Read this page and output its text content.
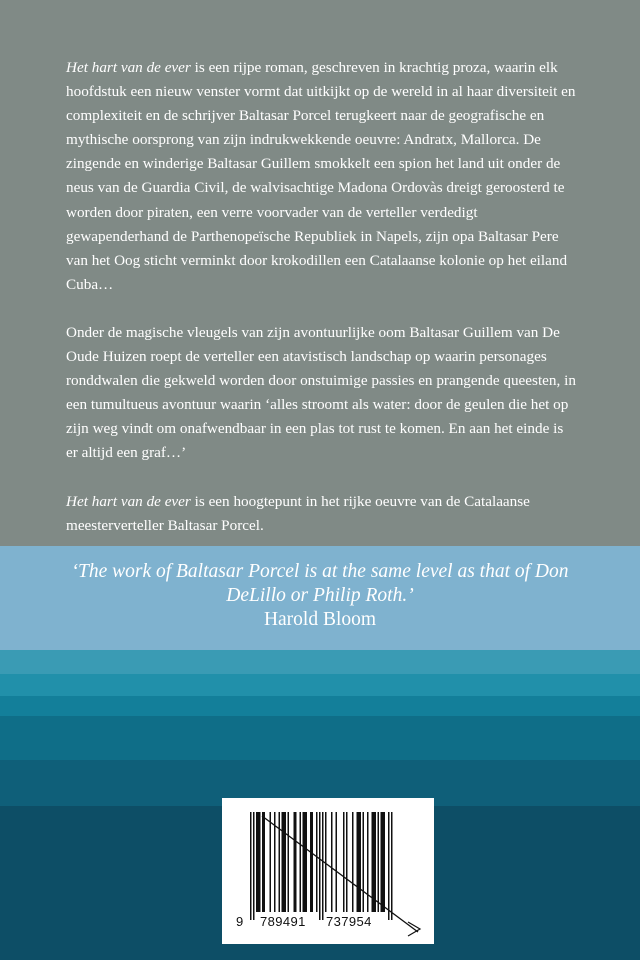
Het hart van de ever is een rijpe roman, geschreven in krachtig proza, waarin elk hoofdstuk een nieuw venster vormt dat uitkijkt op de wereld in al haar diversiteit en complexiteit en de schrijver Baltasar Porcel terugkeert naar de geografische en mythische oorsprong van zijn indrukwekkende oeuvre: Andratx, Mallorca. De zingende en winderige Baltasar Guillem smokkelt een spion het land uit onder de neus van de Guardia Civil, de walvisachtige Madona Ordovàs dreigt geroosterd te worden door piraten, een verre voorvader van de verteller verdedigt gewapenderhand de Parthenopeïsche Republiek in Napels, zijn opa Baltasar Pere van het Oog sticht verminkt door krokodillen een Catalaanse kolonie op het eiland Cuba…

Onder de magische vleugels van zijn avontuurlijke oom Baltasar Guillem van De Oude Huizen roept de verteller een atavistisch landschap op waarin personages ronddwalen die gekweld worden door onstuimige passies en prangende queesten, in een tumultueus avontuur waarin ‘alles stroomt als water: door de geulen die het op zijn weg vindt om onafwendbaar in een plas tot rust te komen. En aan het einde is er altijd een graf…’

Het hart van de ever is een hoogtepunt in het rijke oeuvre van de Catalaanse meesterverteller Baltasar Porcel.

‘The work of Baltasar Porcel is at the same level as that of Don DeLillo or Philip Roth.’

Harold Bloom

9 789491 737954
